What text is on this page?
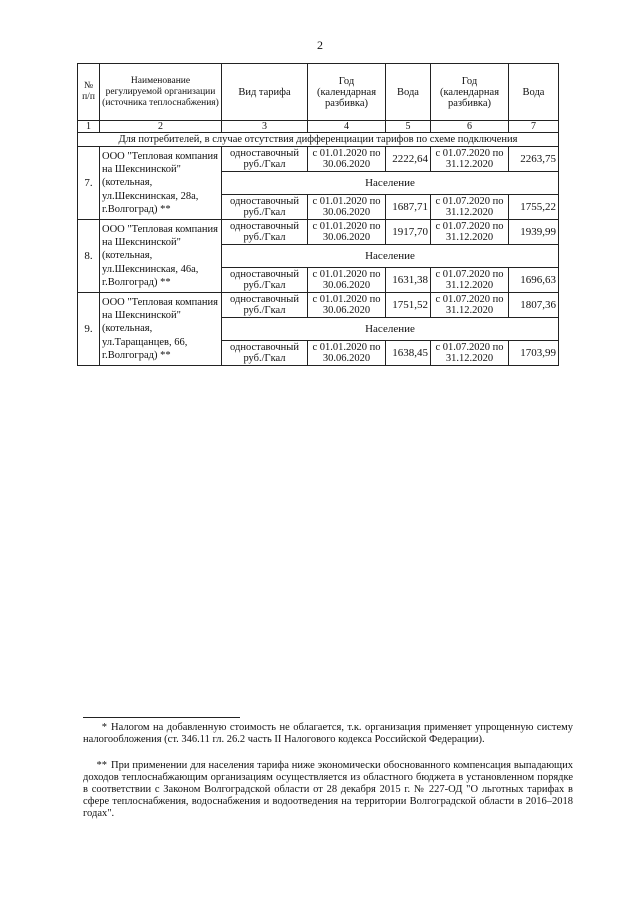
2
№ п/п	Наименование регулируемой организации (источника теплоснабжения)	Вид тарифа	Год (календарная разбивка)	Вода	Год (календарная разбивка)	Вода
1	2	3	4	5	6	7
Для потребителей, в случае отсутствия дифференциации тарифов по схеме подключения						
7.	ООО "Тепловая компания на Шекснинской" (котельная, ул.Шекснинская, 28а, г.Волгоград) **	одноставочный руб./Гкал	с 01.01.2020 по 30.06.2020	2222,64	с 01.07.2020 по 31.12.2020	2263,75
		Население				
		одноставочный руб./Гкал	с 01.01.2020 по 30.06.2020	1687,71	с 01.07.2020 по 31.12.2020	1755,22
8.	ООО "Тепловая компания на Шекснинской" (котельная, ул.Шекснинская, 46а, г.Волгоград) **	одноставочный руб./Гкал	с 01.01.2020 по 30.06.2020	1917,70	с 01.07.2020 по 31.12.2020	1939,99
		Население				
		одноставочный руб./Гкал	с 01.01.2020 по 30.06.2020	1631,38	с 01.07.2020 по 31.12.2020	1696,63
9.	ООО "Тепловая компания на Шекснинской" (котельная, ул.Таращанцев, 66, г.Волгоград) **	одноставочный руб./Гкал	с 01.01.2020 по 30.06.2020	1751,52	с 01.07.2020 по 31.12.2020	1807,36
		Население				
		одноставочный руб./Гкал	с 01.01.2020 по 30.06.2020	1638,45	с 01.07.2020 по 31.12.2020	1703,99
* Налогом на добавленную стоимость не облагается, т.к. организация применяет упрощенную систему налогообложения (ст. 346.11 гл. 26.2 часть II Налогового кодекса Российской Федерации).
** При применении для населения тарифа ниже экономически обоснованного компенсация выпадающих доходов теплоснабжающим организациям осуществляется из областного бюджета в установленном порядке в соответствии с Законом Волгоградской области от 28 декабря 2015 г. № 227-ОД "О льготных тарифах в сфере теплоснабжения, водоснабжения и водоотведения на территории Волгоградской области в 2016–2018 годах".
